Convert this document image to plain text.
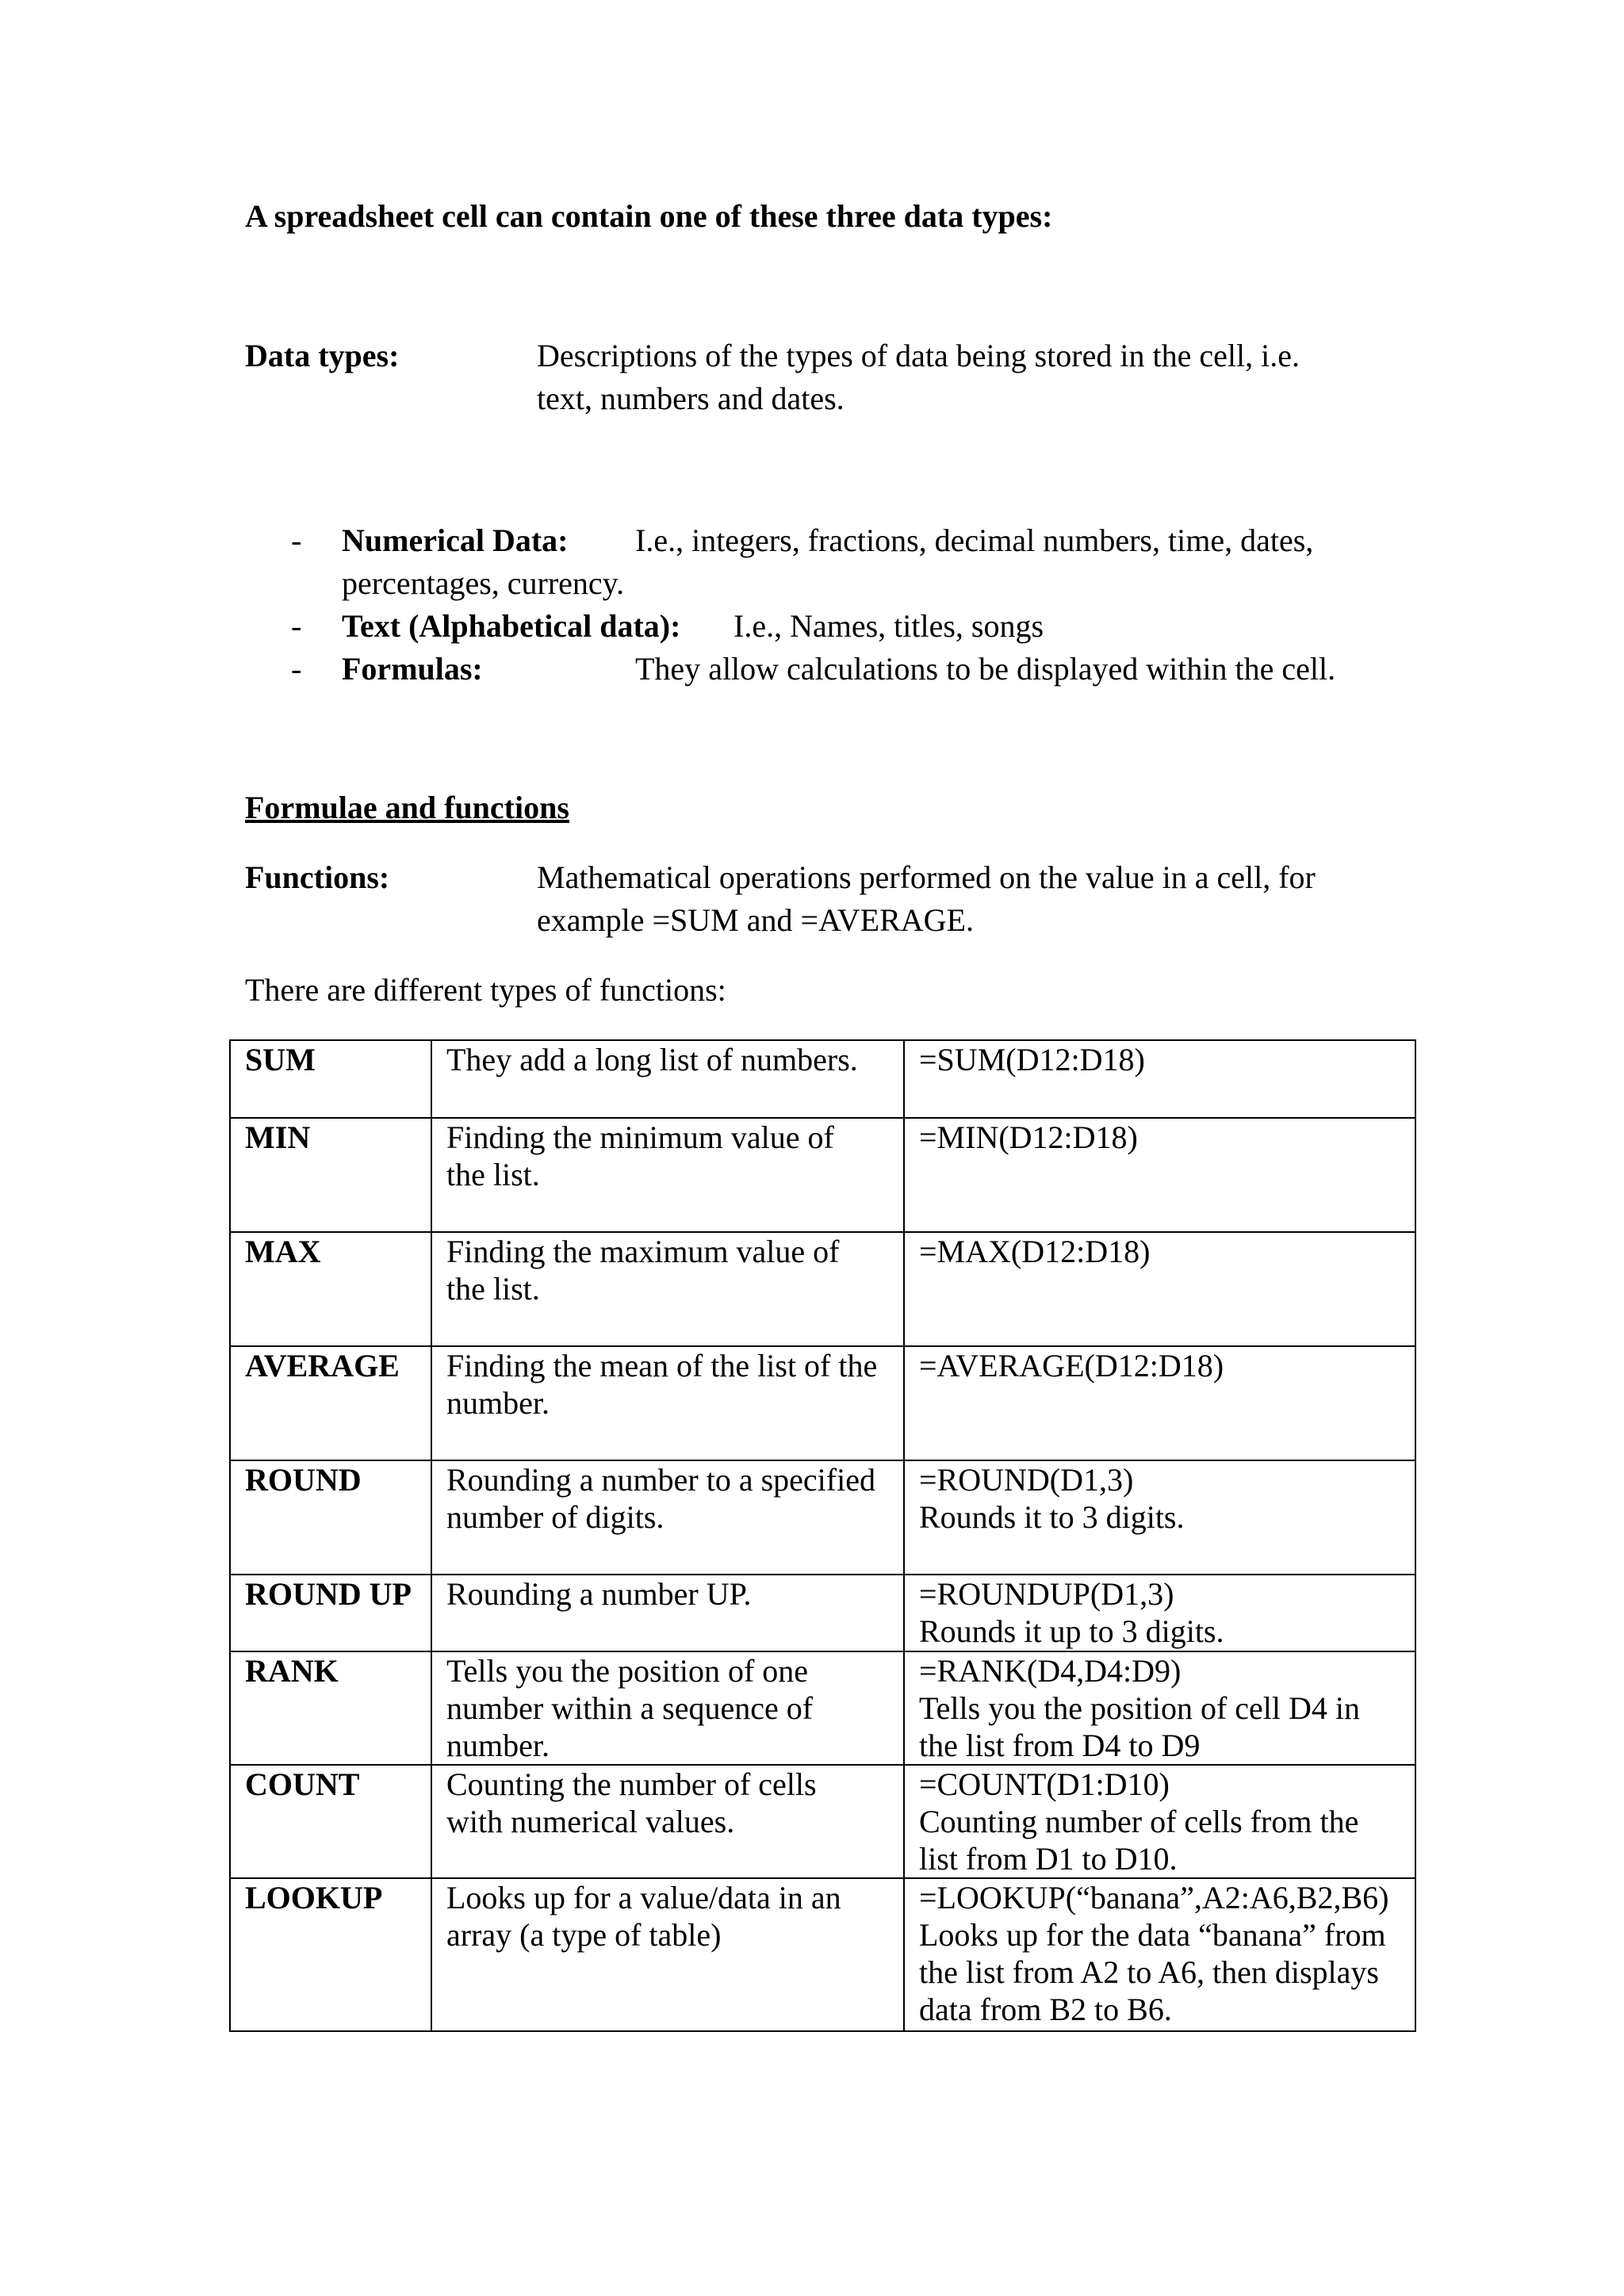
A spreadsheet cell can contain one of these three data types:
Data types:	Descriptions of the types of data being stored in the cell, i.e.
text, numbers and dates.
- Numerical Data: I.e., integers, fractions, decimal numbers, time, dates,
percentages, currency.
- Text (Alphabetical data): I.e., Names, titles, songs
- Formulas:	They allow calculations to be displayed within the cell.
Formulae and functions
Functions:	Mathematical operations performed on the value in a cell, for
example =SUM and =AVERAGE.
There are different types of functions:
SUM	They add a long list of numbers.	=SUM(D12:D18)

MIN	Finding the minimum value of
the list.	=MIN(D12:D18)

MAX	Finding the maximum value of
the list.	=MAX(D12:D18)

AVERAGE	Finding the mean of the list of the
number.	=AVERAGE(D12:D18)

ROUND	Rounding a number to a specified
number of digits.	=ROUND(D1,3)
Rounds it to 3 digits.

ROUND UP	Rounding a number UP.	=ROUNDUP(D1,3)
Rounds it up to 3 digits.

RANK	Tells you the position of one
number within a sequence of
number.	=RANK(D4,D4:D9)
Tells you the position of cell D4 in
the list from D4 to D9

COUNT	Counting the number of cells
with numerical values.	=COUNT(D1:D10)
Counting number of cells from the
list from D1 to D10.

LOOKUP	Looks up for a value/data in an
array (a type of table)	=LOOKUP(“banana”,A2:A6,B2,B6)
Looks up for the data “banana” from
the list from A2 to A6, then displays
data from B2 to B6.
